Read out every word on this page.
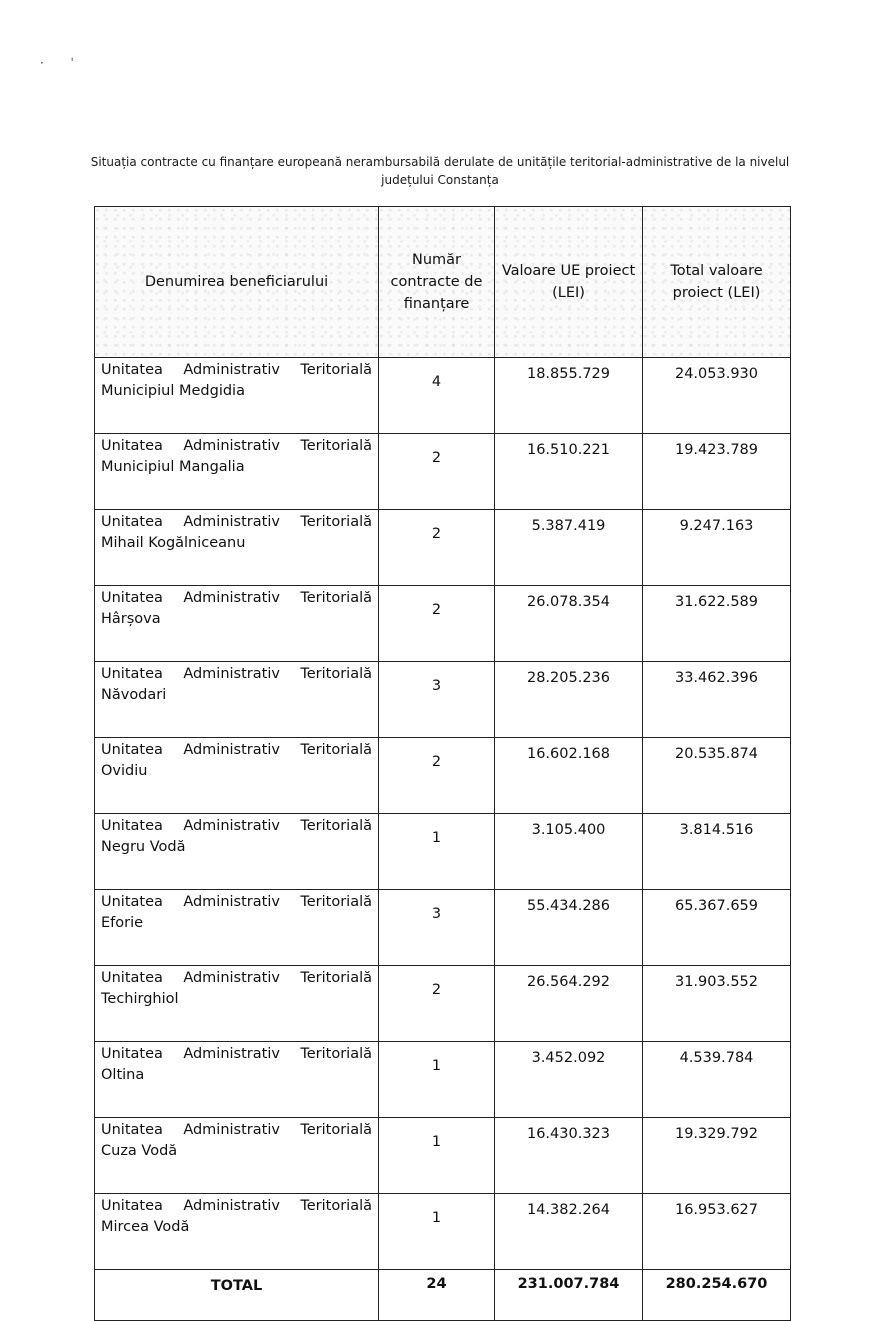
·       ˈ
Situația contracte cu finanțare europeană nerambursabilă derulate de unitățile teritorial-administrative de la nivelul județului Constanța
Denumirea beneficiarului	Număr contracte de finanțare	Valoare UE proiect (LEI)	Total valoare proiect (LEI)

Unitatea Administrativ Teritorială
Municipiul Medgidia	4	18.855.729	24.053.930

Unitatea Administrativ Teritorială
Municipiul Mangalia	2	16.510.221	19.423.789

Unitatea Administrativ Teritorială
Mihail Kogălniceanu	2	5.387.419	9.247.163

Unitatea Administrativ Teritorială
Hârșova	2	26.078.354	31.622.589

Unitatea Administrativ Teritorială
Năvodari	3	28.205.236	33.462.396

Unitatea Administrativ Teritorială
Ovidiu	2	16.602.168	20.535.874

Unitatea Administrativ Teritorială
Negru Vodă	1	3.105.400	3.814.516

Unitatea Administrativ Teritorială
Eforie	3	55.434.286	65.367.659

Unitatea Administrativ Teritorială
Techirghiol	2	26.564.292	31.903.552

Unitatea Administrativ Teritorială
Oltina	1	3.452.092	4.539.784

Unitatea Administrativ Teritorială
Cuza Vodă	1	16.430.323	19.329.792

Unitatea Administrativ Teritorială
Mircea Vodă	1	14.382.264	16.953.627
TOTAL	24	231.007.784	280.254.670
